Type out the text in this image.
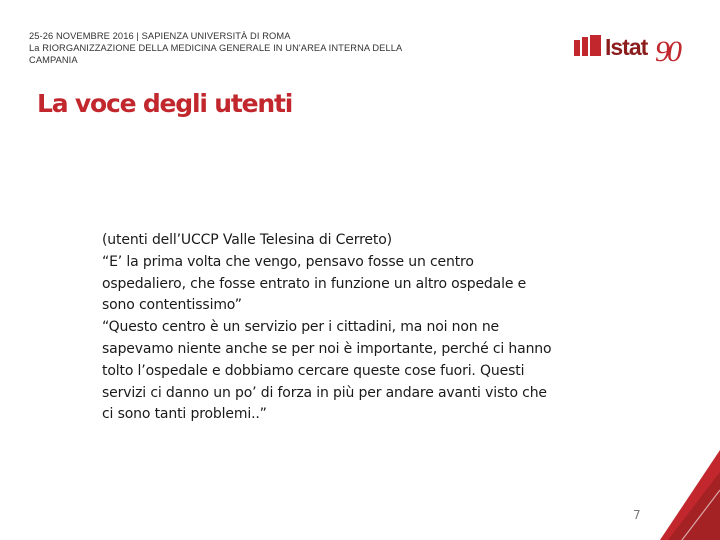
25-26 NOVEMBRE 2016 | SAPIENZA UNIVERSITÀ DI ROMA
La RIORGANIZZAZIONE DELLA MEDICINA GENERALE IN UN'AREA INTERNA DELLA
CAMPANIA	Istat 90
La voce degli utenti
(utenti dell’UCCP Valle Telesina di Cerreto)
“E’ la prima volta che vengo, pensavo fosse un centro
ospedaliero, che fosse entrato in funzione un altro ospedale e
sono contentissimo”
“Questo centro è un servizio per i cittadini, ma noi non ne
sapevamo niente anche se per noi è importante, perché ci hanno
tolto l’ospedale e dobbiamo cercare queste cose fuori. Questi
servizi ci danno un po’ di forza in più per andare avanti visto che
ci sono tanti problemi..”
7
